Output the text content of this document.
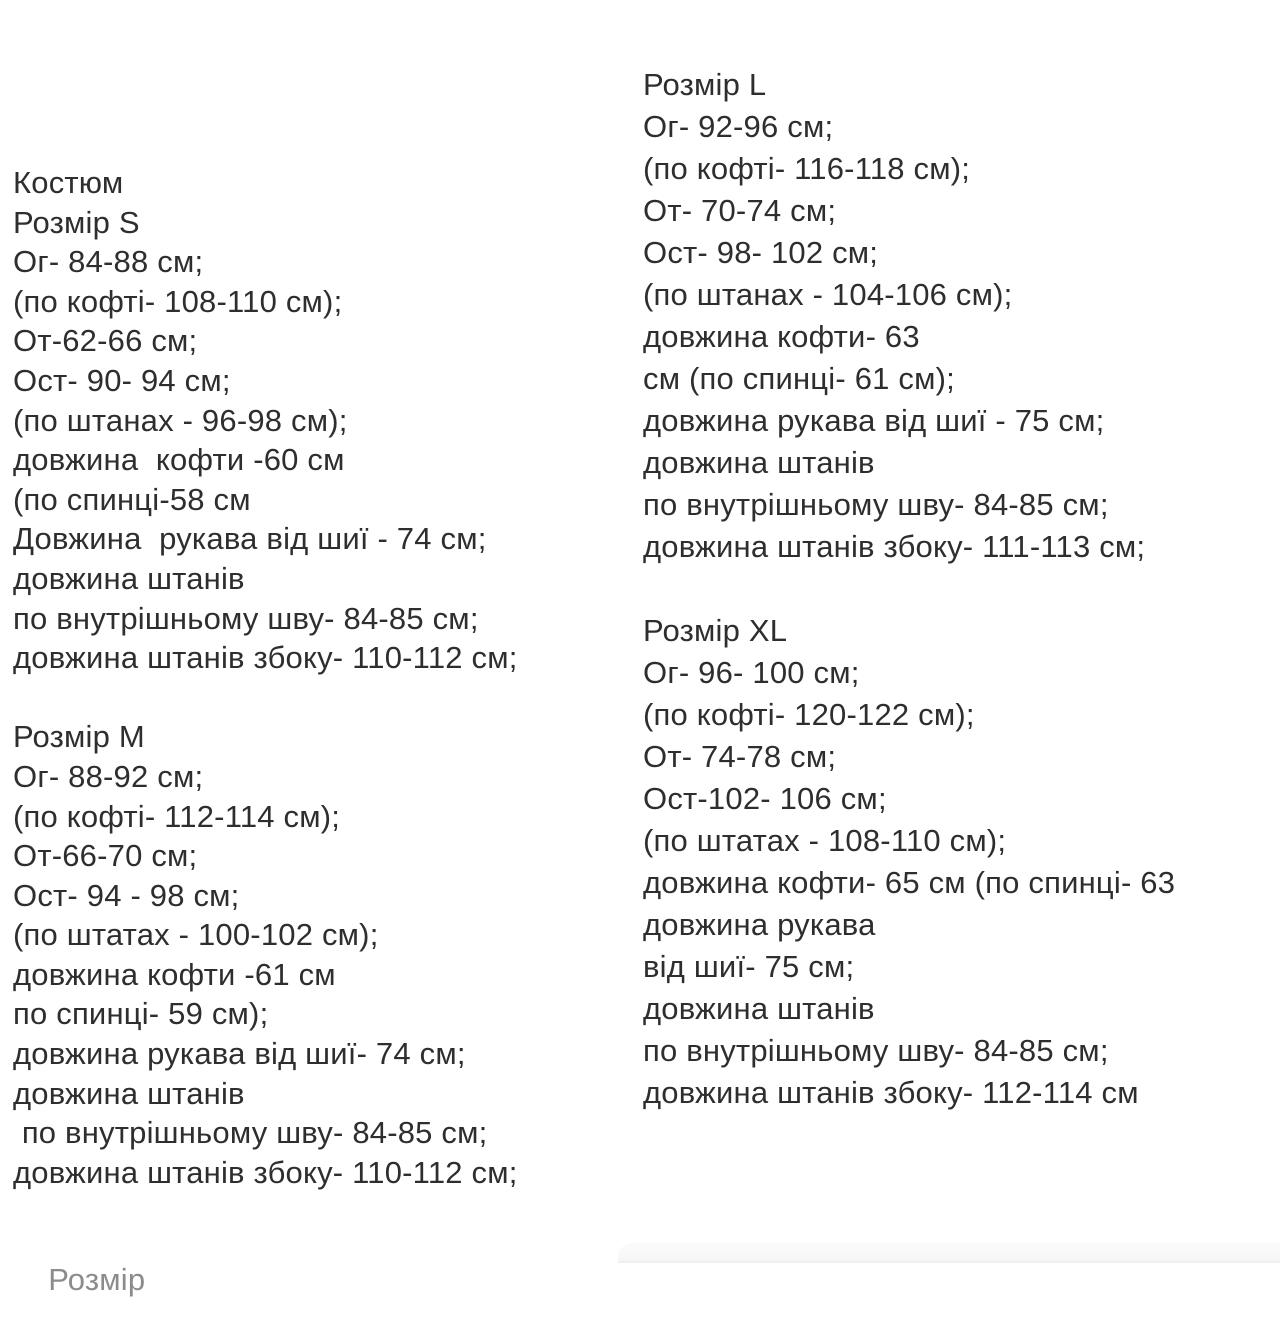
Костюм
Розмір S
Ог- 84-88 см;
(по кофті- 108-110 см);
От-62-66 см;
Ост- 90- 94 см;
(по штанах - 96-98 см);
довжина  кофти -60 см
(по спинці-58 см
Довжина  рукава від шиї - 74 см;
довжина штанів
по внутрішньому шву- 84-85 см;
довжина штанів збоку- 110-112 см;

Розмір М
Ог- 88-92 см;
(по кофті- 112-114 см);
От-66-70 см;
Ост- 94 - 98 см;
(по штатах - 100-102 см);
довжина кофти -61 см
по спинці- 59 см);
довжина рукава від шиї- 74 см;
довжина штанів
по внутрішньому шву- 84-85 см;
довжина штанів збоку- 110-112 см;
Розмір L
Ог- 92-96 см;
(по кофті- 116-118 см);
От- 70-74 см;
Ост- 98- 102 см;
(по штанах - 104-106 см);
довжина кофти- 63
см (по спинці- 61 см);
довжина рукава від шиї - 75 см;
довжина штанів
по внутрішньому шву- 84-85 см;
довжина штанів збоку- 111-113 см;

Розмір XL
Ог- 96- 100 см;
(по кофті- 120-122 см);
От- 74-78 см;
Ост-102- 106 см;
(по штатах - 108-110 см);
довжина кофти- 65 см (по спинці- 63
довжина рукава
від шиї- 75 см;
довжина штанів
по внутрішньому шву- 84-85 см;
довжина штанів збоку- 112-114 см

Розмір
